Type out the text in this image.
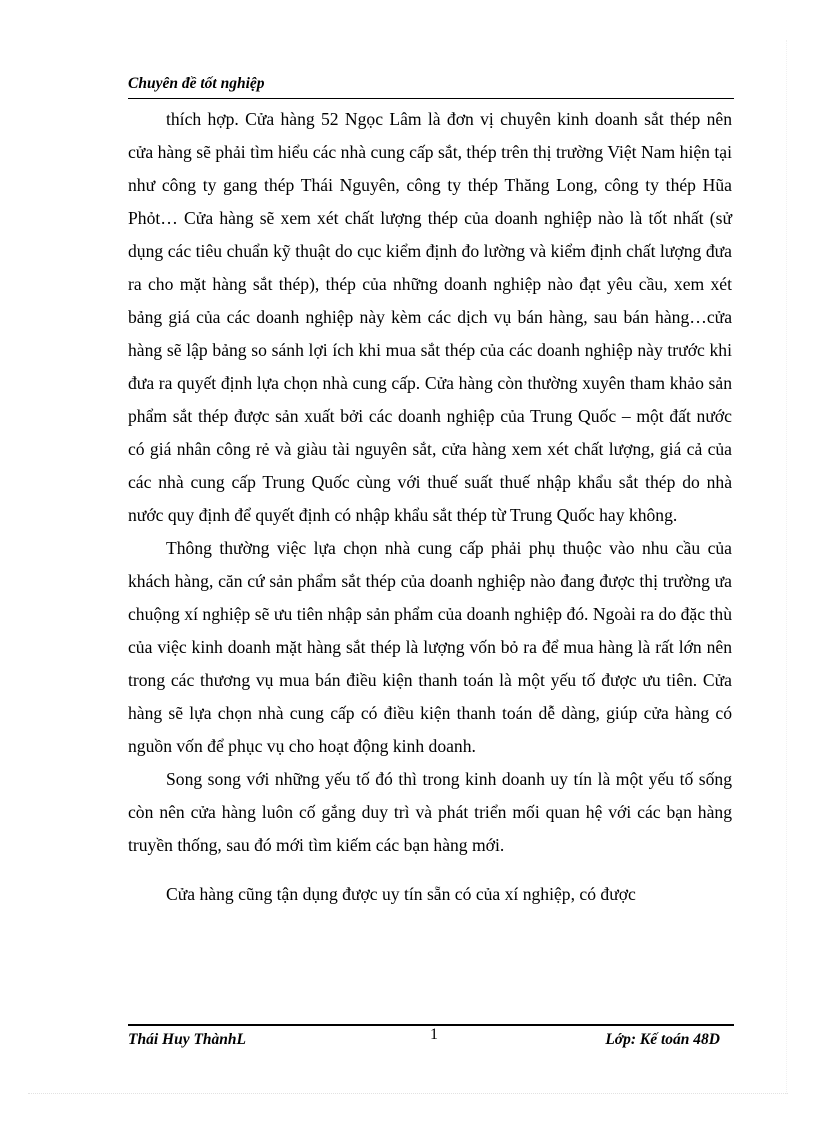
Chuyên đề tốt nghiệp

thích hợp. Cửa hàng 52 Ngọc Lâm là đơn vị chuyên kinh doanh sắt thép nên cửa hàng sẽ phải tìm hiểu các nhà cung cấp sắt, thép trên thị trường Việt Nam hiện tại như công ty gang thép Thái Nguyên, công ty thép Thăng Long, công ty thép Hũa Phỏt… Cửa hàng sẽ xem xét chất lượng thép của doanh nghiệp nào là tốt nhất (sử dụng các tiêu chuẩn kỹ thuật do cục kiểm định đo lường và kiểm định chất lượng đưa ra cho mặt hàng sắt thép), thép của những doanh nghiệp nào đạt yêu cầu, xem xét bảng giá của các doanh nghiệp này kèm các dịch vụ bán hàng, sau bán hàng…cửa hàng sẽ lập bảng so sánh lợi ích khi mua sắt thép của các doanh nghiệp này trước khi đưa ra quyết định lựa chọn nhà cung cấp. Cửa hàng còn thường xuyên tham khảo sản phẩm sắt thép được sản xuất bởi các doanh nghiệp của Trung Quốc – một đất nước có giá nhân công rẻ và giàu tài nguyên sắt, cửa hàng xem xét chất lượng, giá cả của các nhà cung cấp Trung Quốc cùng với thuế suất thuế nhập khẩu sắt thép do nhà nước quy định để quyết định có nhập khẩu sắt thép từ Trung Quốc hay không.

Thông thường việc lựa chọn nhà cung cấp phải phụ thuộc vào nhu cầu của khách hàng, căn cứ sản phẩm sắt thép của doanh nghiệp nào đang được thị trường ưa chuộng xí nghiệp sẽ ưu tiên nhập sản phẩm của doanh nghiệp đó. Ngoài ra do đặc thù của việc kinh doanh mặt hàng sắt thép là lượng vốn bỏ ra để mua hàng là rất lớn nên trong các thương vụ mua bán điều kiện thanh toán là một yếu tố được ưu tiên. Cửa hàng sẽ lựa chọn nhà cung cấp có điều kiện thanh toán dễ dàng, giúp cửa hàng có nguồn vốn để phục vụ cho hoạt động kinh doanh.

Song song với những yếu tố đó thì trong kinh doanh uy tín là một yếu tố sống còn nên cửa hàng luôn cố gắng duy trì và phát triển mối quan hệ với các bạn hàng truyền thống, sau đó mới tìm kiếm các bạn hàng mới.

Cửa hàng cũng tận dụng được uy tín sẵn có của xí nghiệp, có được

Thái Huy ThànhL	1	Lớp: Kế toán 48D
